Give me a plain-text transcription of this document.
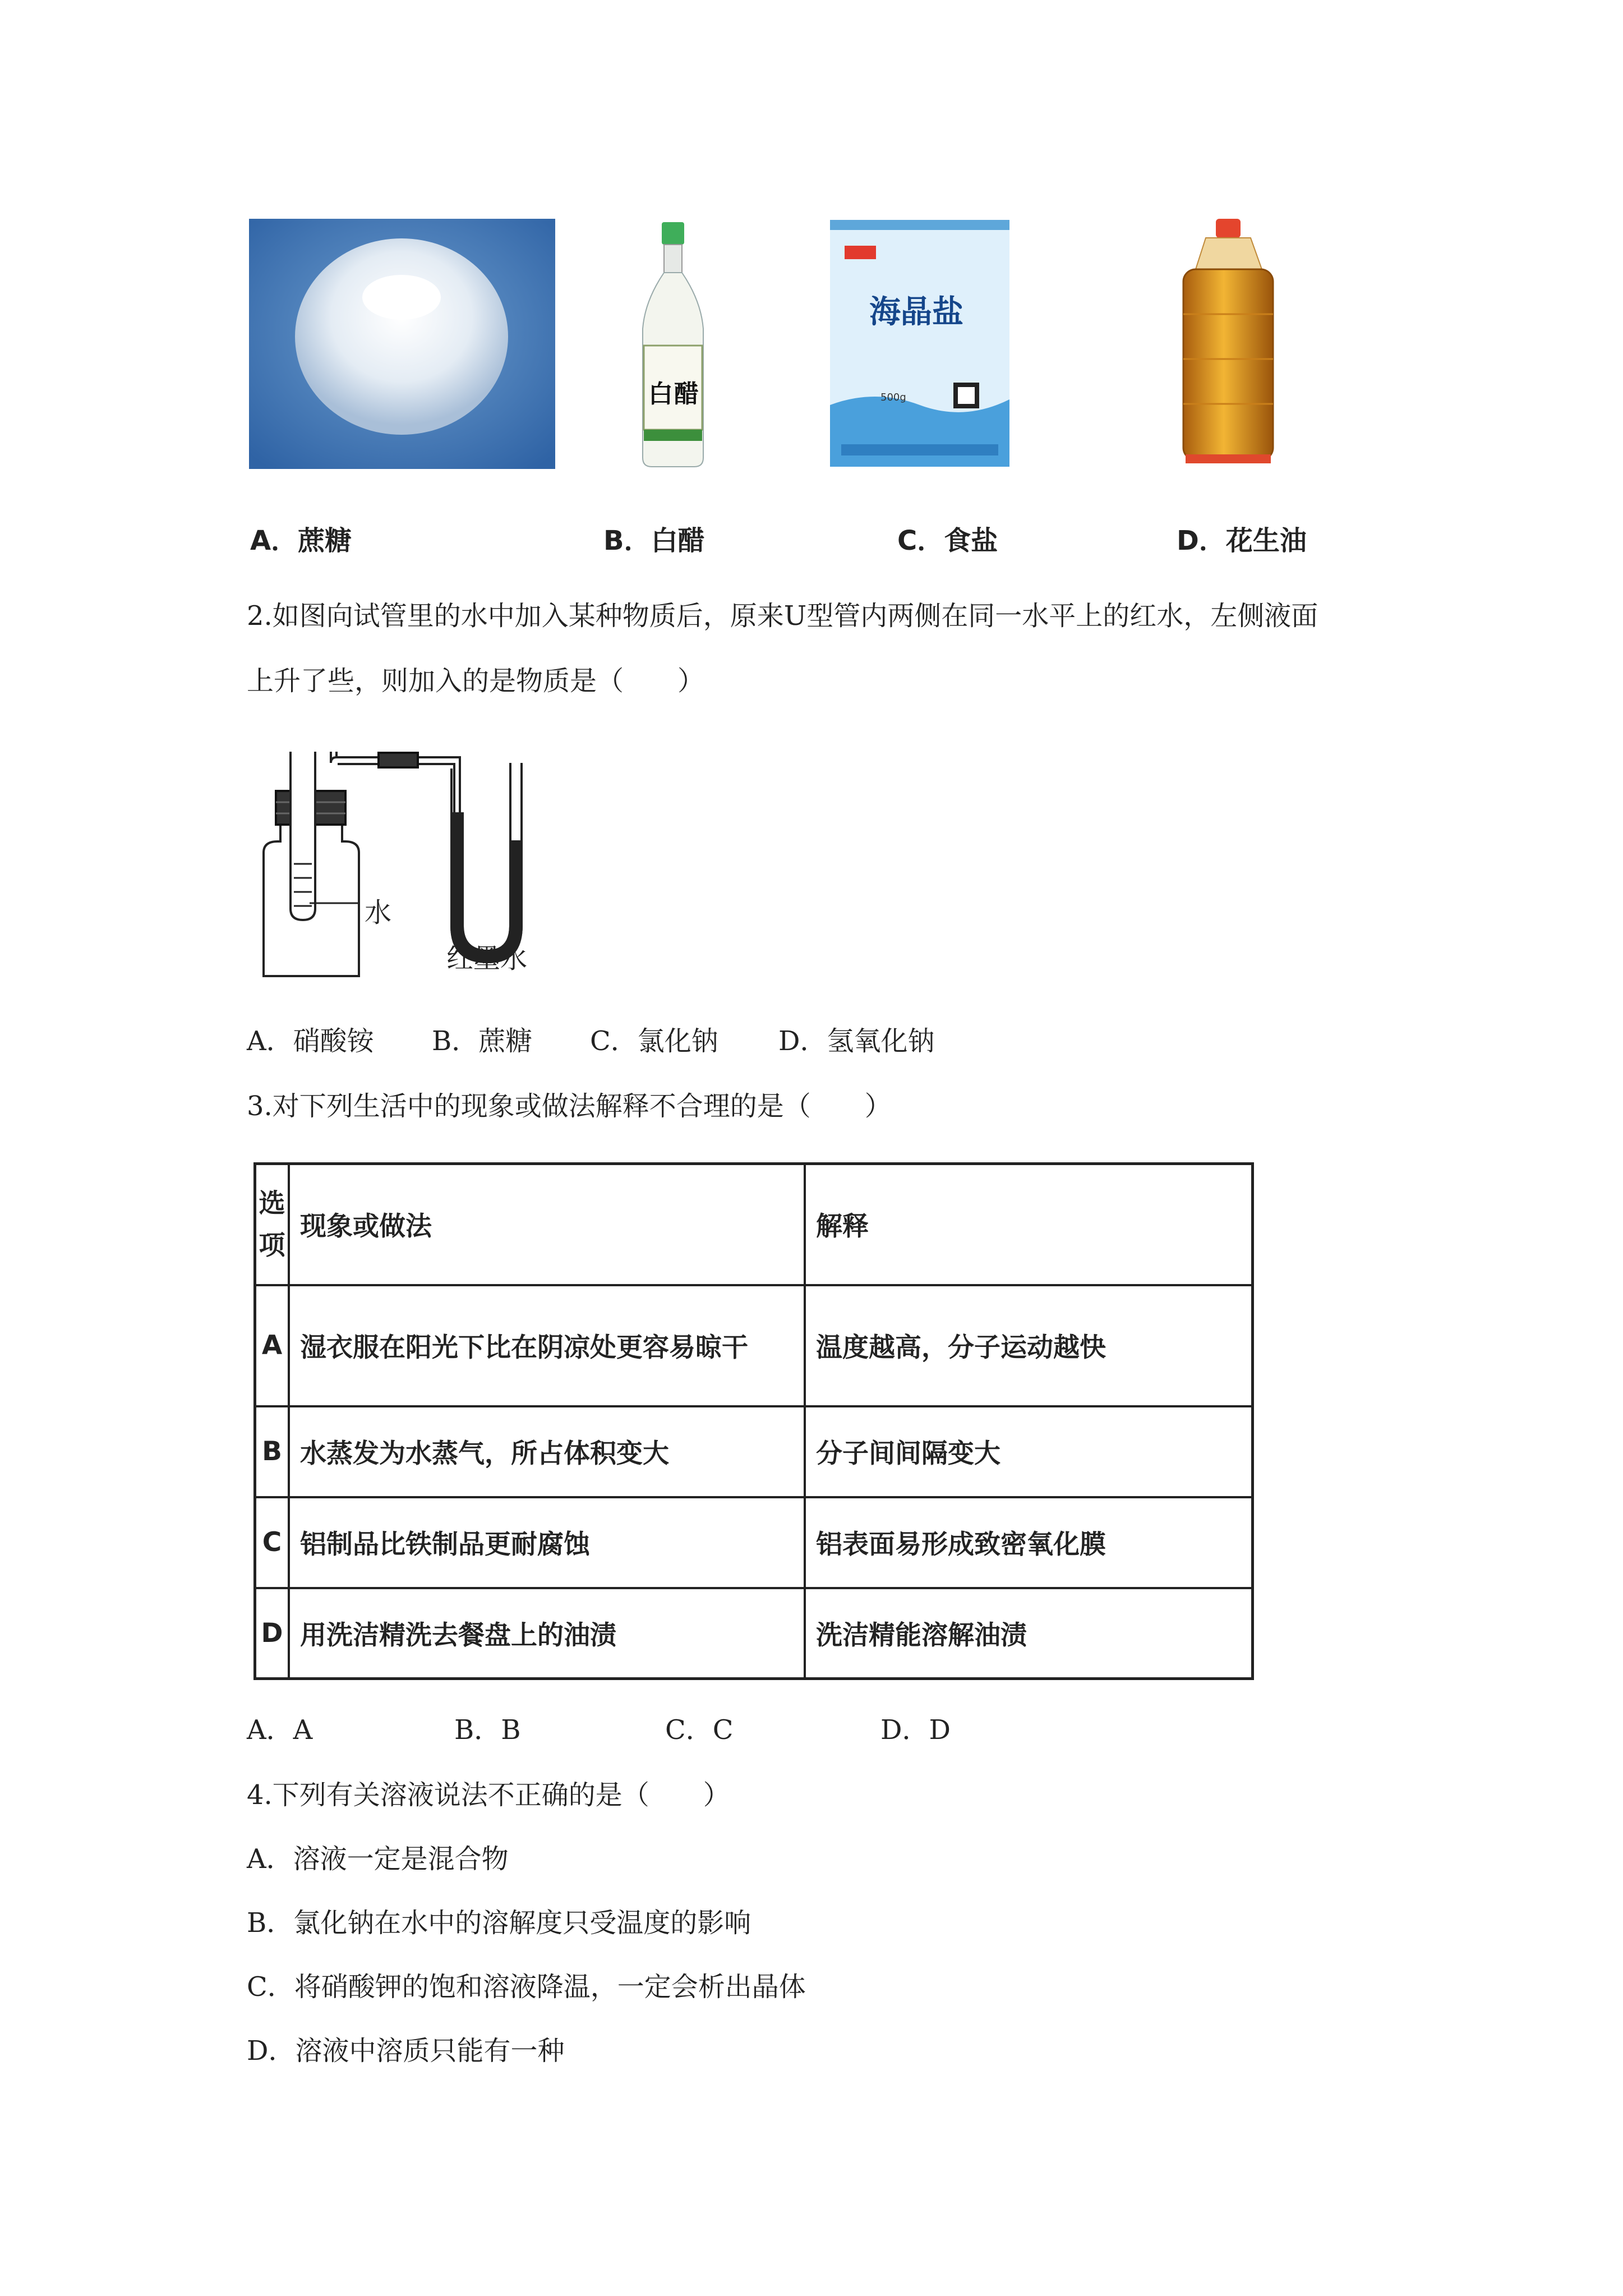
白醋
海晶盐
500g
A．蔗糖	B．白醋	C．食盐	D．花生油
2.如图向试管里的水中加入某种物质后，原来U型管内两侧在同一水平上的红水，左侧液面
上升了些，则加入的是物质是（　　）
水
红墨水
A．硝酸铵 B．蔗糖 C．氯化钠 D．氢氧化钠
3.对下列生活中的现象或做法解释不合理的是（　　）
选
项	现象或做法	解释
A	湿衣服在阳光下比在阴凉处更容易晾干	温度越高，分子运动越快
B	水蒸发为水蒸气，所占体积变大	分子间间隔变大
C	铝制品比铁制品更耐腐蚀	铝表面易形成致密氧化膜
D	用洗洁精洗去餐盘上的油渍	洗洁精能溶解油渍
A．A	B．B	C．C	D．D
4.下列有关溶液说法不正确的是（　　）
A．溶液一定是混合物
B．氯化钠在水中的溶解度只受温度的影响
C．将硝酸钾的饱和溶液降温，一定会析出晶体
D．溶液中溶质只能有一种
